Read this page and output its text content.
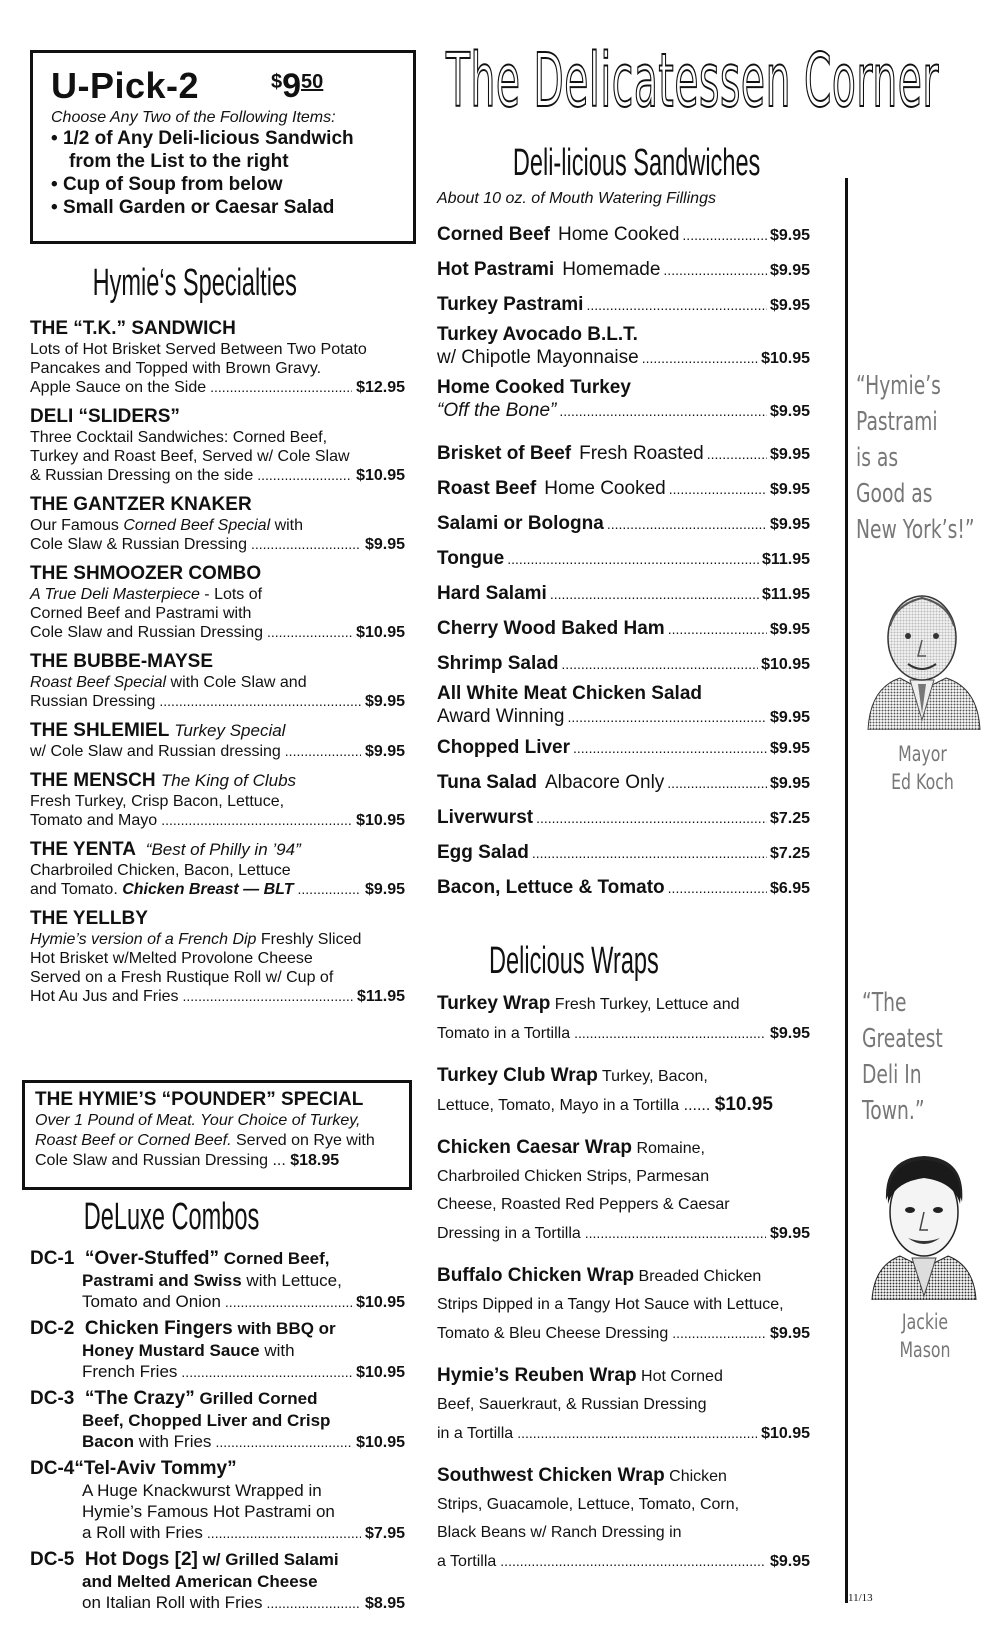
U-Pick-2	$950
Choose Any Two of the Following Items:
• 1/2 of Any Deli-licious Sandwich
from the List to the right
• Cup of Soup from below
• Small Garden or Caesar Salad
The Delicatessen Corner
Hymie‘s Specialties
THE “T.K.” SANDWICH
Lots of Hot Brisket Served Between Two Potato
Pancakes and Topped with Brown Gravy.
Apple Sauce on the Side .....	$12.95
DELI “SLIDERS”
Three Cocktail Sandwiches: Corned Beef,
Turkey and Roast Beef, Served w/ Cole Slaw
& Russian Dressing on the side .....	$10.95
THE GANTZER KNAKER
Our Famous Corned Beef Special with
Cole Slaw & Russian Dressing .....	$9.95
THE SHMOOZER COMBO
A True Deli Masterpiece - Lots of
Corned Beef and Pastrami with
Cole Slaw and Russian Dressing .....	$10.95
THE BUBBE-MAYSE
Roast Beef Special with Cole Slaw and
Russian Dressing .....	$9.95
THE SHLEMIEL Turkey Special
w/ Cole Slaw and Russian dressing .....	$9.95
THE MENSCH The King of Clubs
Fresh Turkey, Crisp Bacon, Lettuce,
Tomato and Mayo .....	$10.95
THE YENTA “Best of Philly in ’94”
Charbroiled Chicken, Bacon, Lettuce
and Tomato. Chicken Breast — BLT .....	$9.95
THE YELLBY
Hymie’s version of a French Dip Freshly Sliced
Hot Brisket w/Melted Provolone Cheese
Served on a Fresh Rustique Roll w/ Cup of
Hot Au Jus and Fries .....	$11.95
THE HYMIE’S “POUNDER” SPECIAL
Over 1 Pound of Meat. Your Choice of Turkey,
Roast Beef or Corned Beef. Served on Rye with
Cole Slaw and Russian Dressing ... $18.95
DeLuxe Combos
DC-1 “Over-Stuffed” Corned Beef,
Pastrami and Swiss with Lettuce,
Tomato and Onion .....	$10.95
DC-2 Chicken Fingers with BBQ or
Honey Mustard Sauce with
French Fries .....	$10.95
DC-3 “The Crazy” Grilled Corned
Beef, Chopped Liver and Crisp
Bacon with Fries .....	$10.95
DC-4“Tel-Aviv Tommy”
A Huge Knackwurst Wrapped in
Hymie’s Famous Hot Pastrami on
a Roll with Fries .....	$7.95
DC-5 Hot Dogs [2] w/ Grilled Salami
and Melted American Cheese
on Italian Roll with Fries .....	$8.95
Deli-licious Sandwiches
About 10 oz. of Mouth Watering Fillings
Corned Beef Home Cooked .....	$9.95
Hot Pastrami Homemade .....	$9.95
Turkey Pastrami .....	$9.95
Turkey Avocado B.L.T.
w/ Chipotle Mayonnaise .....	$10.95
Home Cooked Turkey
“Off the Bone” .....	$9.95
Brisket of Beef Fresh Roasted .....	$9.95
Roast Beef Home Cooked .....	$9.95
Salami or Bologna .....	$9.95
Tongue .....	$11.95
Hard Salami .....	$11.95
Cherry Wood Baked Ham .....	$9.95
Shrimp Salad .....	$10.95
All White Meat Chicken Salad
Award Winning .....	$9.95
Chopped Liver .....	$9.95
Tuna Salad Albacore Only .....	$9.95
Liverwurst .....	$7.25
Egg Salad .....	$7.25
Bacon, Lettuce & Tomato .....	$6.95
Delicious Wraps
Turkey Wrap Fresh Turkey, Lettuce and
Tomato in a Tortilla .....	$9.95
Turkey Club Wrap Turkey, Bacon,
Lettuce, Tomato, Mayo in a Tortilla ...... $10.95
Chicken Caesar Wrap Romaine,
Charbroiled Chicken Strips, Parmesan
Cheese, Roasted Red Peppers & Caesar
Dressing in a Tortilla .....	$9.95
Buffalo Chicken Wrap Breaded Chicken
Strips Dipped in a Tangy Hot Sauce with Lettuce,
Tomato & Bleu Cheese Dressing .....	$9.95
Hymie’s Reuben Wrap Hot Corned
Beef, Sauerkraut, & Russian Dressing
in a Tortilla .....	$10.95
Southwest Chicken Wrap Chicken
Strips, Guacamole, Lettuce, Tomato, Corn,
Black Beans w/ Ranch Dressing in
a Tortilla .....	$9.95
“Hymie’s
Pastrami
is as
Good as
New York’s!”
Mayor
Ed Koch
“The
Greatest
Deli In
Town.”
Jackie Mason
11/13
